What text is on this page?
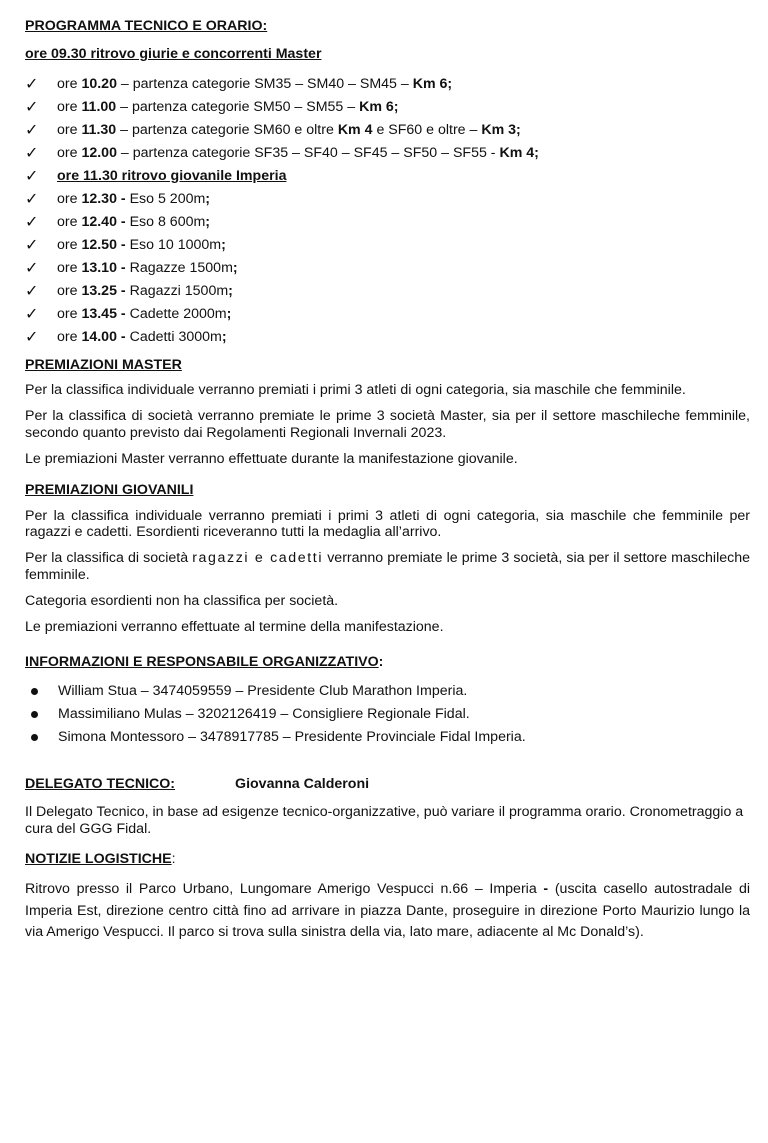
PROGRAMMA TECNICO E ORARIO:
ore 09.30 ritrovo giurie e concorrenti Master
✓ ore 10.20 – partenza categorie SM35 – SM40 – SM45 – Km 6;
✓ ore 11.00 – partenza categorie SM50 – SM55 – Km 6;
✓ ore 11.30 – partenza categorie SM60 e oltre Km 4 e SF60 e oltre – Km 3;
✓ ore 12.00 – partenza categorie SF35 – SF40 – SF45 – SF50 – SF55 - Km 4;
✓ ore 11.30 ritrovo giovanile Imperia
✓ ore 12.30 - Eso 5 200m;
✓ ore 12.40 - Eso 8 600m;
✓ ore 12.50 - Eso 10 1000m;
✓ ore 13.10 - Ragazze 1500m;
✓ ore 13.25 - Ragazzi 1500m;
✓ ore 13.45 - Cadette 2000m;
✓ ore 14.00 - Cadetti 3000m;
PREMIAZIONI MASTER

Per la classifica individuale verranno premiati i primi 3 atleti di ogni categoria, sia maschile che femminile.

Per la classifica di società verranno premiate le prime 3 società Master, sia per il settore maschileche femminile, secondo quanto previsto dai Regolamenti Regionali Invernali 2023.

Le premiazioni Master verranno effettuate durante la manifestazione giovanile.

PREMIAZIONI GIOVANILI

Per la classifica individuale verranno premiati i primi 3 atleti di ogni categoria, sia maschile che femminile per ragazzi e cadetti. Esordienti riceveranno tutti la medaglia all’arrivo.

Per la classifica di società ragazzi e cadetti verranno premiate le prime 3 società, sia per il settore maschileche femminile.

Categoria esordienti non ha classifica per società.

Le premiazioni verranno effettuate al termine della manifestazione.

INFORMAZIONI E RESPONSABILE ORGANIZZATIVO:
William Stua – 3474059559 – Presidente Club Marathon Imperia.
Massimiliano Mulas – 3202126419 – Consigliere Regionale Fidal.
Simona Montessoro – 3478917785 – Presidente Provinciale Fidal Imperia.
DELEGATO TECNICO:	Giovanna Calderoni

Il Delegato Tecnico, in base ad esigenze tecnico-organizzative, può variare il programma orario. Cronometraggio a cura del GGG Fidal.

NOTIZIE LOGISTICHE:

Ritrovo presso il Parco Urbano, Lungomare Amerigo Vespucci n.66 – Imperia - (uscita casello autostradale di Imperia Est, direzione centro città fino ad arrivare in piazza Dante, proseguire in direzione Porto Maurizio lungo la via Amerigo Vespucci. Il parco si trova sulla sinistra della via, lato mare, adiacente al Mc Donald’s).
